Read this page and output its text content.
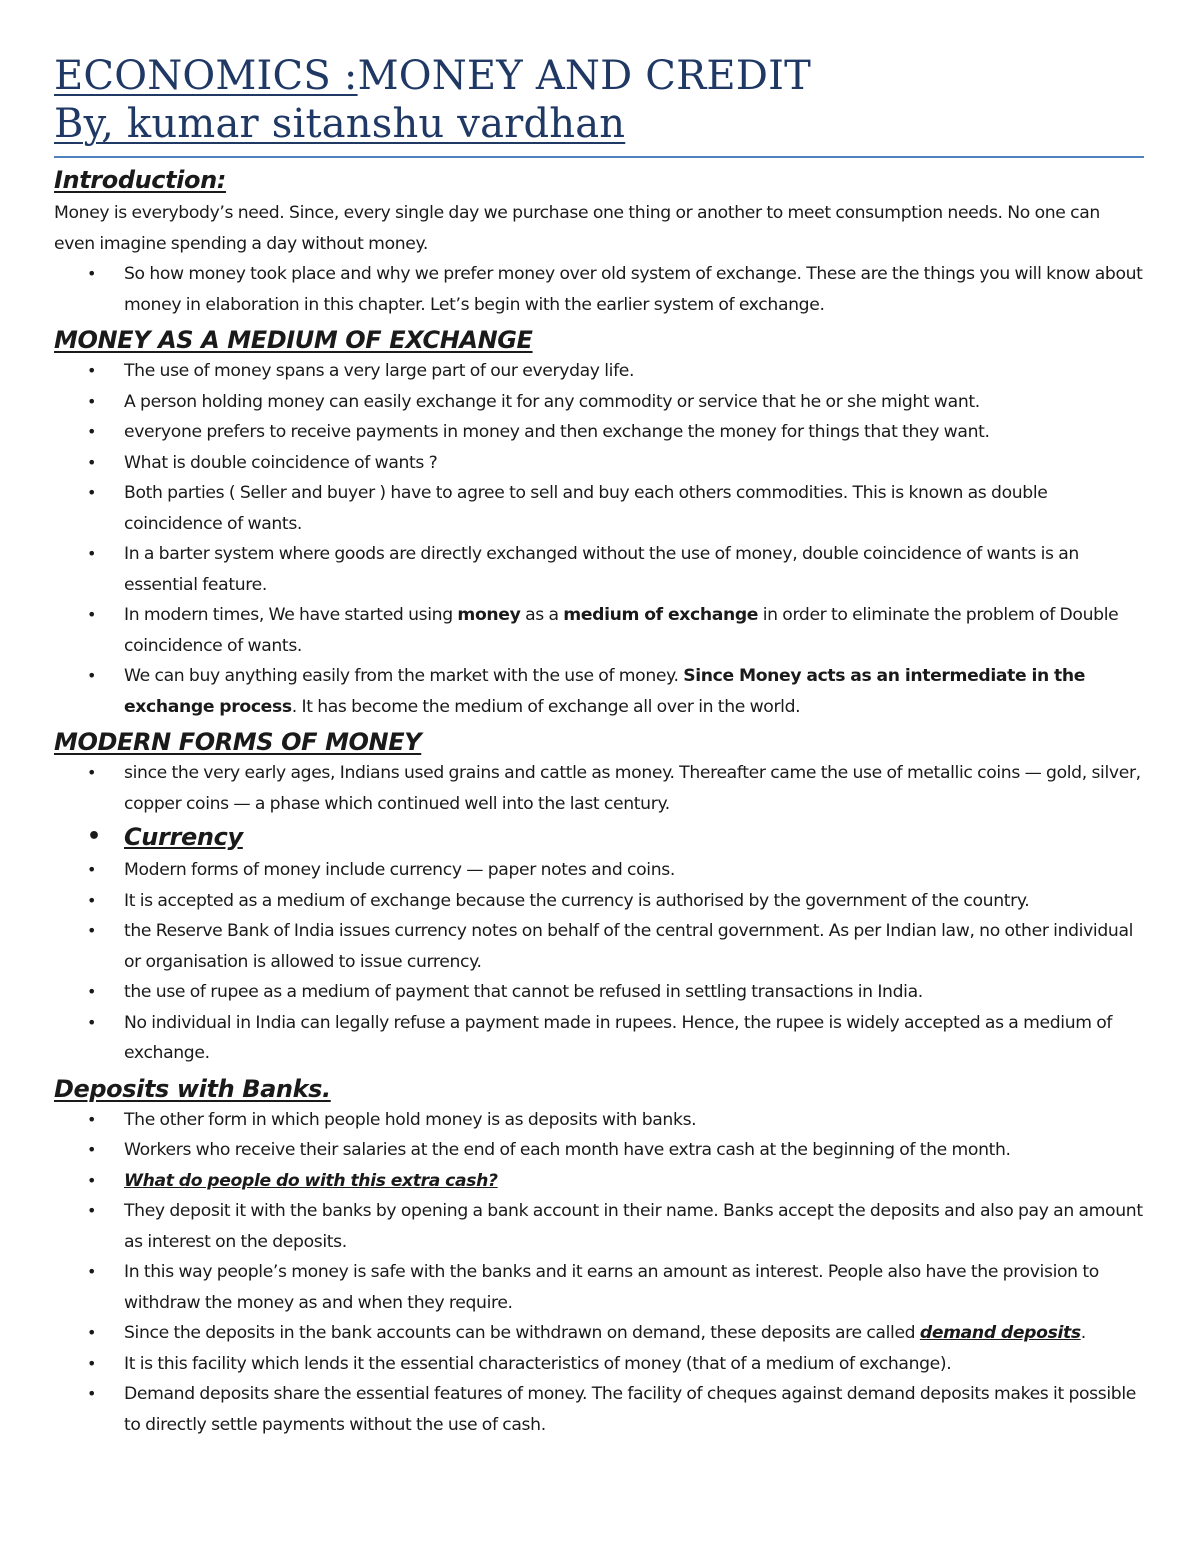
ECONOMICS :MONEY AND CREDIT
By, kumar sitanshu vardhan
Introduction:

Money is everybody’s need. Since, every single day we purchase one thing or another to meet consumption needs. No one can even imagine spending a day without money.

• So how money took place and why we prefer money over old system of exchange. These are the things you will know about money in elaboration in this chapter. Let’s begin with the earlier system of exchange.
MONEY AS A MEDIUM OF EXCHANGE
• The use of money spans a very large part of our everyday life.
• A person holding money can easily exchange it for any commodity or service that he or she might want.
• everyone prefers to receive payments in money and then exchange the money for things that they want.
• What is double coincidence of wants ?
• Both parties ( Seller and buyer ) have to agree to sell and buy each others commodities. This is known as double coincidence of wants.
• In a barter system where goods are directly exchanged without the use of money, double coincidence of wants is an essential feature.
• In modern times, We have started using money as a medium of exchange in order to eliminate the problem of Double coincidence of wants.
• We can buy anything easily from the market with the use of money. Since Money acts as an intermediate in the exchange process. It has become the medium of exchange all over in the world.
MODERN FORMS OF MONEY
• since the very early ages, Indians used grains and cattle as money. Thereafter came the use of metallic coins — gold, silver, copper coins — a phase which continued well into the last century.
• Currency
• Modern forms of money include currency — paper notes and coins.
• It is accepted as a medium of exchange because the currency is authorised by the government of the country.
• the Reserve Bank of India issues currency notes on behalf of the central government. As per Indian law, no other individual or organisation is allowed to issue currency.
• the use of rupee as a medium of payment that cannot be refused in settling transactions in India.
• No individual in India can legally refuse a payment made in rupees. Hence, the rupee is widely accepted as a medium of exchange.
Deposits with Banks.
• The other form in which people hold money is as deposits with banks.
• Workers who receive their salaries at the end of each month have extra cash at the beginning of the month.
• What do people do with this extra cash?
• They deposit it with the banks by opening a bank account in their name. Banks accept the deposits and also pay an amount as interest on the deposits.
• In this way people’s money is safe with the banks and it earns an amount as interest. People also have the provision to withdraw the money as and when they require.
• Since the deposits in the bank accounts can be withdrawn on demand, these deposits are called demand deposits.
• It is this facility which lends it the essential characteristics of money (that of a medium of exchange).
• Demand deposits share the essential features of money. The facility of cheques against demand deposits makes it possible to directly settle payments without the use of cash.
